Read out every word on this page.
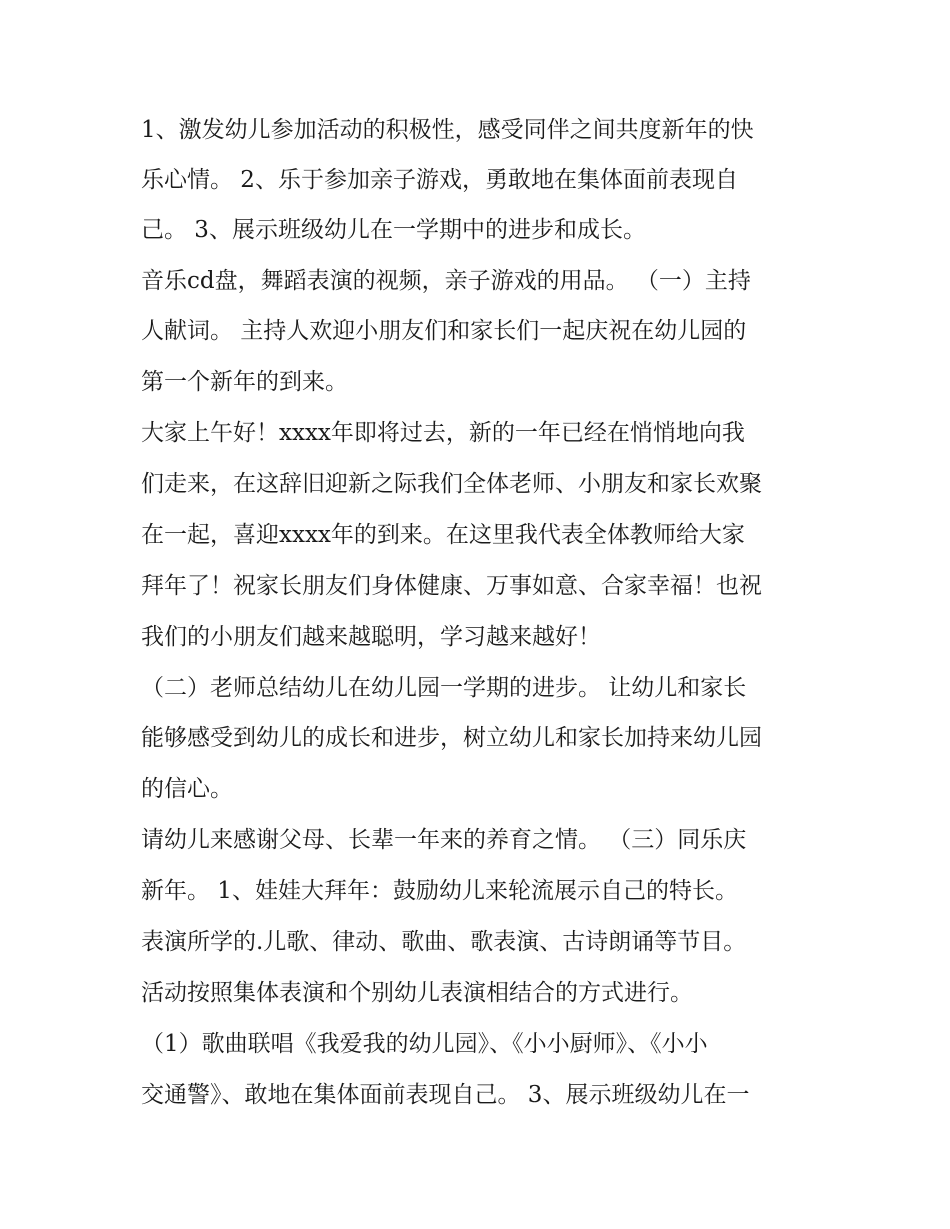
1、激发幼儿参加活动的积极性，感受同伴之间共度新年的快
乐心情。 2、乐于参加亲子游戏，勇敢地在集体面前表现自
己。 3、展示班级幼儿在一学期中的进步和成长。
音乐cd盘，舞蹈表演的视频，亲子游戏的用品。 （一）主持
人献词。 主持人欢迎小朋友们和家长们一起庆祝在幼儿园的
第一个新年的到来。
大家上午好！xxxx年即将过去，新的一年已经在悄悄地向我
们走来，在这辞旧迎新之际我们全体老师、小朋友和家长欢聚
在一起，喜迎xxxx年的到来。在这里我代表全体教师给大家
拜年了！祝家长朋友们身体健康、万事如意、合家幸福！也祝
我们的小朋友们越来越聪明，学习越来越好！
（二）老师总结幼儿在幼儿园一学期的进步。 让幼儿和家长
能够感受到幼儿的成长和进步，树立幼儿和家长加持来幼儿园
的信心。
请幼儿来感谢父母、长辈一年来的养育之情。 （三）同乐庆
新年。 1、娃娃大拜年：鼓励幼儿来轮流展示自己的特长。
表演所学的.儿歌、律动、歌曲、歌表演、古诗朗诵等节目。
活动按照集体表演和个别幼儿表演相结合的方式进行。
（1）歌曲联唱《我爱我的幼儿园》、《小小厨师》、《小小
交通警》、敢地在集体面前表现自己。 3、展示班级幼儿在一
